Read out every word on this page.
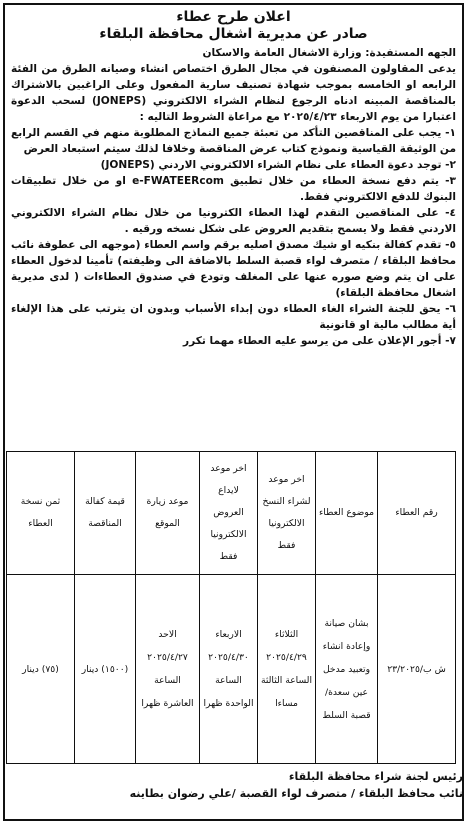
اعلان طرح عطاء
صادر عن مديرية اشغال محافظة البلقاء

الجهه المستفيدة: وزارة الاشغال العامة والاسكان

يدعى المقاولون المصنفون في مجال الطرق اختصاص انشاء وصيانه الطرق من الفئة الرابعه او الخامسه بموجب شهادة تصنيف سارية المفعول وعلى الراغبين بالاشتراك بالمناقصة المبينه ادناه الرجوع لنظام الشراء الالكتروني (JONEPS) لسحب الدعوة اعتبارا من يوم الاربعاء ٢٠٢٥/٤/٢٣ مع مراعاة الشروط التاليه :

١- يجب على المناقصين التأكد من تعبئة جميع النماذج المطلوبة منهم في القسم الرابع من الوثيقة القياسية ونموذج كتاب عرض المناقصة وخلافا لذلك سيتم استبعاد العرض

٢- توجد دعوة العطاء على نظام الشراء الالكتروني الاردني (JONEPS)

٣- يتم دفع نسخة العطاء من خلال تطبيق e-FWATEERcom او من خلال تطبيقات البنوك للدفع الالكتروني فقط.

٤- على المناقصين التقدم لهذا العطاء الكترونيا من خلال نظام الشراء الالكتروني الاردني فقط ولا يسمح بتقديم العروض على شكل نسخه ورقيه .

٥- تقدم كفالة بنكيه او شيك مصدق اصليه برقم واسم العطاء (موجهه الى عطوفة نائب محافظ البلقاء / متصرف لواء قصبة السلط بالاضافة الى وظيفته) تأمينا لدخول العطاء على ان يتم وضع صوره عنها على المغلف وتودع في صندوق العطاءات ( لدى مديرية اشغال محافظة البلقاء)

٦- يحق للجنة الشراء الغاء العطاء دون إبداء الأسباب وبدون ان يترتب على هذا الإلغاء أية مطالب مالية او قانونية

٧- أجور الإعلان على من يرسو عليه العطاء مهما تكرر

رقم العطاء	موضوع العطاء	اخر موعد لشراء النسخ الالكترونيا فقط	اخر موعد لايداع العروض الالكترونيا فقط	موعد زيارة الموقع	قيمة كفالة المناقصة	ثمن نسخة العطاء
ش ب/٢٣/٢٠٢٥	بشان صيانة وإعادة انشاء وتعبيد مدخل عين سعدة/ قصبة السلط	الثلاثاء ٢٠٢٥/٤/٢٩ الساعة الثالثة مساءا	الاربعاء ٢٠٢٥/٤/٣٠ الساعة الواحدة ظهرا	الاحد ٢٠٢٥/٤/٢٧ الساعة العاشرة ظهرا	(١٥٠٠) دينار	(٧٥) دينار

رئيس لجنة شراء محافظة البلقاء

نائب محافظ البلقاء / متصرف لواء القصبة /علي رضوان بطاينه
